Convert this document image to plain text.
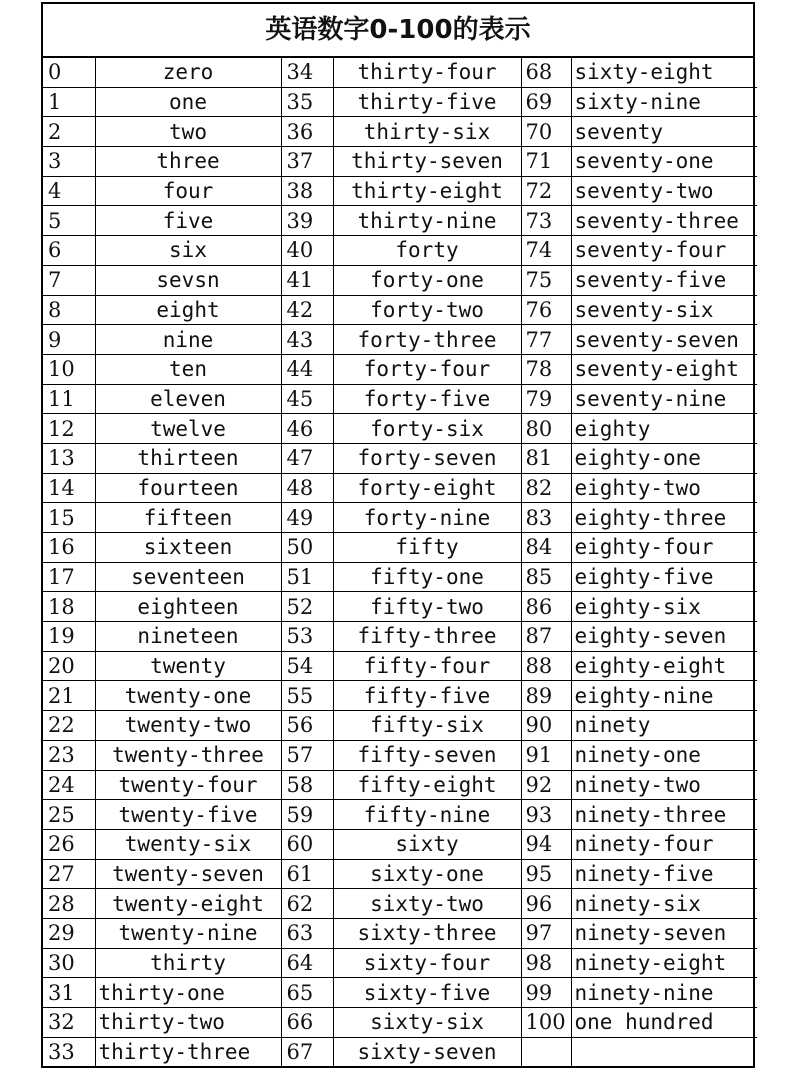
英语数字0-100的表示
0	zero	34	thirty-four	68	sixty-eight
1	one	35	thirty-five	69	sixty-nine
2	two	36	thirty-six	70	seventy
3	three	37	thirty-seven	71	seventy-one
4	four	38	thirty-eight	72	seventy-two
5	five	39	thirty-nine	73	seventy-three
6	six	40	forty	74	seventy-four
7	sevsn	41	forty-one	75	seventy-five
8	eight	42	forty-two	76	seventy-six
9	nine	43	forty-three	77	seventy-seven
10	ten	44	forty-four	78	seventy-eight
11	eleven	45	forty-five	79	seventy-nine
12	twelve	46	forty-six	80	eighty
13	thirteen	47	forty-seven	81	eighty-one
14	fourteen	48	forty-eight	82	eighty-two
15	fifteen	49	forty-nine	83	eighty-three
16	sixteen	50	fifty	84	eighty-four
17	seventeen	51	fifty-one	85	eighty-five
18	eighteen	52	fifty-two	86	eighty-six
19	nineteen	53	fifty-three	87	eighty-seven
20	twenty	54	fifty-four	88	eighty-eight
21	twenty-one	55	fifty-five	89	eighty-nine
22	twenty-two	56	fifty-six	90	ninety
23	twenty-three	57	fifty-seven	91	ninety-one
24	twenty-four	58	fifty-eight	92	ninety-two
25	twenty-five	59	fifty-nine	93	ninety-three
26	twenty-six	60	sixty	94	ninety-four
27	twenty-seven	61	sixty-one	95	ninety-five
28	twenty-eight	62	sixty-two	96	ninety-six
29	twenty-nine	63	sixty-three	97	ninety-seven
30	thirty	64	sixty-four	98	ninety-eight
31	thirty-one	65	sixty-five	99	ninety-nine
32	thirty-two	66	sixty-six	100	one hundred
33	thirty-three	67	sixty-seven		
